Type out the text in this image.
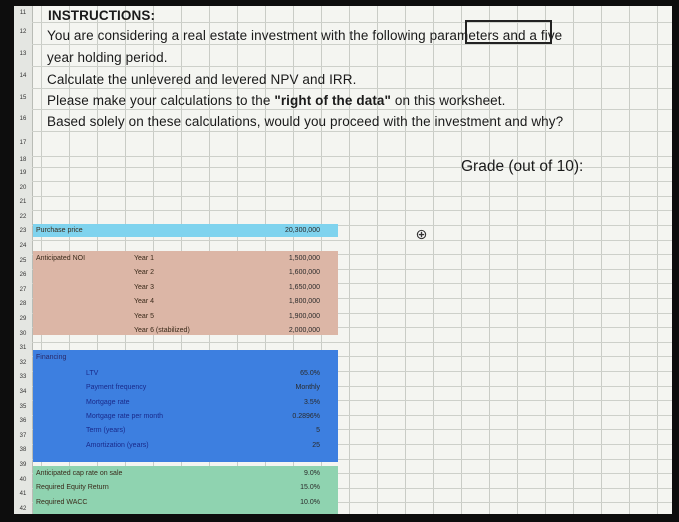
11
12
13
14
15
16
17
18
19
20
21
22
23
24
25
26
27
28
29
30
31
32
33
34
35
36
37
38
39
40
41
42
INSTRUCTIONS:
You are considering a real estate investment with the following parameters and a five
year holding period.
Calculate the unlevered and levered NPV and IRR.
Please make your calculations to the "right of the data" on this worksheet.
Based solely on these calculations, would you proceed with the investment and why?
Grade (out of 10):
Purchase price	20,300,000
Anticipated NOI	Year 1	1,500,000
Year 2	1,600,000
Year 3	1,650,000
Year 4	1,800,000
Year 5	1,900,000
Year 6 (stabilized)	2,000,000
Financing
LTV	65.0%
Payment frequency	Monthly
Mortgage rate	3.5%
Mortgage rate per month	0.2896%
Term (years)	5
Amortization (years)	25
Anticipated cap rate on sale	9.0%
Required Equity Return	15.0%
Required WACC	10.0%
